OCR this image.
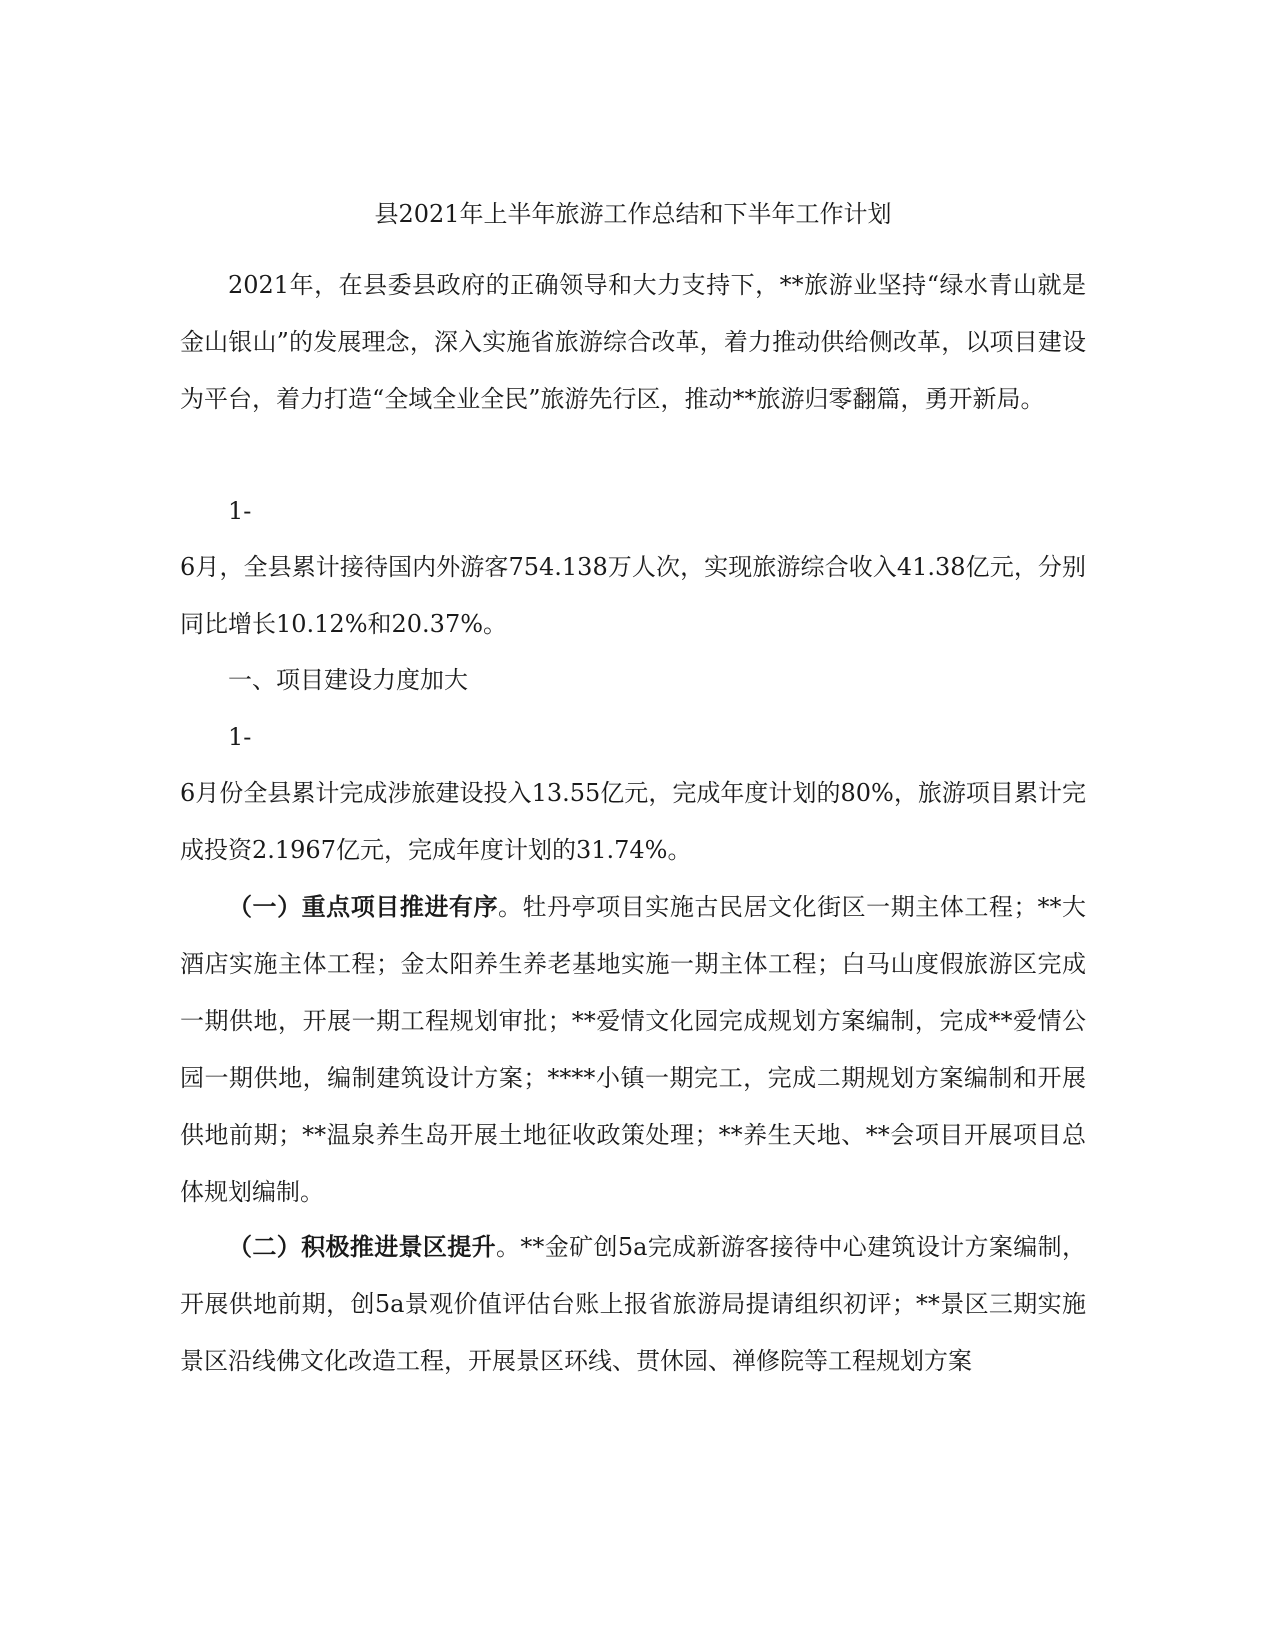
县2021年上半年旅游工作总结和下半年工作计划

2021年，在县委县政府的正确领导和大力支持下，**旅游业坚持“绿水青山就是金山银山”的发展理念，深入实施省旅游综合改革，着力推动供给侧改革，以项目建设为平台，着力打造“全域全业全民”旅游先行区，推动**旅游归零翻篇，勇开新局。

1-

6月，全县累计接待国内外游客754.138万人次，实现旅游综合收入41.38亿元，分别同比增长10.12%和20.37%。

一、项目建设力度加大
1-

6月份全县累计完成涉旅建设投入13.55亿元，完成年度计划的80%，旅游项目累计完成投资2.1967亿元，完成年度计划的31.74%。

（一）重点项目推进有序。牡丹亭项目实施古民居文化街区一期主体工程；**大酒店实施主体工程；金太阳养生养老基地实施一期主体工程；白马山度假旅游区完成一期供地，开展一期工程规划审批；**爱情文化园完成规划方案编制，完成**爱情公园一期供地，编制建筑设计方案；****小镇一期完工，完成二期规划方案编制和开展供地前期；**温泉养生岛开展土地征收政策处理；**养生天地、**会项目开展项目总体规划编制。

（二）积极推进景区提升。**金矿创5a完成新游客接待中心建筑设计方案编制，开展供地前期，创5a景观价值评估台账上报省旅游局提请组织初评；**景区三期实施景区沿线佛文化改造工程，开展景区环线、贯休园、禅修院等工程规划方案
